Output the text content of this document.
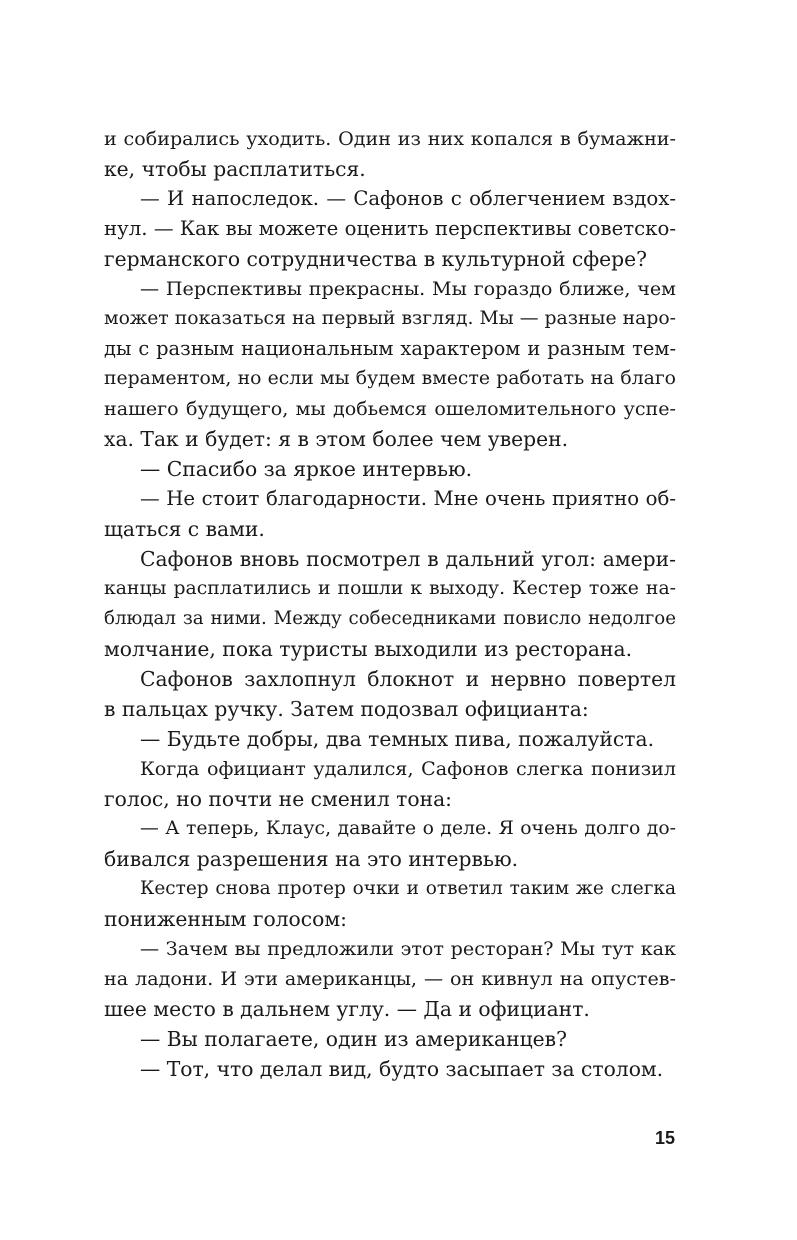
и собирались уходить. Один из них копался в бумажни-
ке, чтобы расплатиться.
— И напоследок. — Сафонов с облегчением вздох-
нул. — Как вы можете оценить перспективы советско-
германского сотрудничества в культурной сфере?
— Перспективы прекрасны. Мы гораздо ближе, чем
может показаться на первый взгляд. Мы — разные наро-
ды с разным национальным характером и разным тем-
пераментом, но если мы будем вместе работать на благо
нашего будущего, мы добьемся ошеломительного успе-
ха. Так и будет: я в этом более чем уверен.
— Спасибо за яркое интервью.
— Не стоит благодарности. Мне очень приятно об-
щаться с вами.
Сафонов вновь посмотрел в дальний угол: амери-
канцы расплатились и пошли к выходу. Кестер тоже на-
блюдал за ними. Между собеседниками повисло недолгое
молчание, пока туристы выходили из ресторана.
Сафонов захлопнул блокнот и нервно повертел
в пальцах ручку. Затем подозвал официанта:
— Будьте добры, два темных пива, пожалуйста.
Когда официант удалился, Сафонов слегка понизил
голос, но почти не сменил тона:
— А теперь, Клаус, давайте о деле. Я очень долго до-
бивался разрешения на это интервью.
Кестер снова протер очки и ответил таким же слегка
пониженным голосом:
— Зачем вы предложили этот ресторан? Мы тут как
на ладони. И эти американцы, — он кивнул на опустев-
шее место в дальнем углу. — Да и официант.
— Вы полагаете, один из американцев?
— Тот, что делал вид, будто засыпает за столом.
15
